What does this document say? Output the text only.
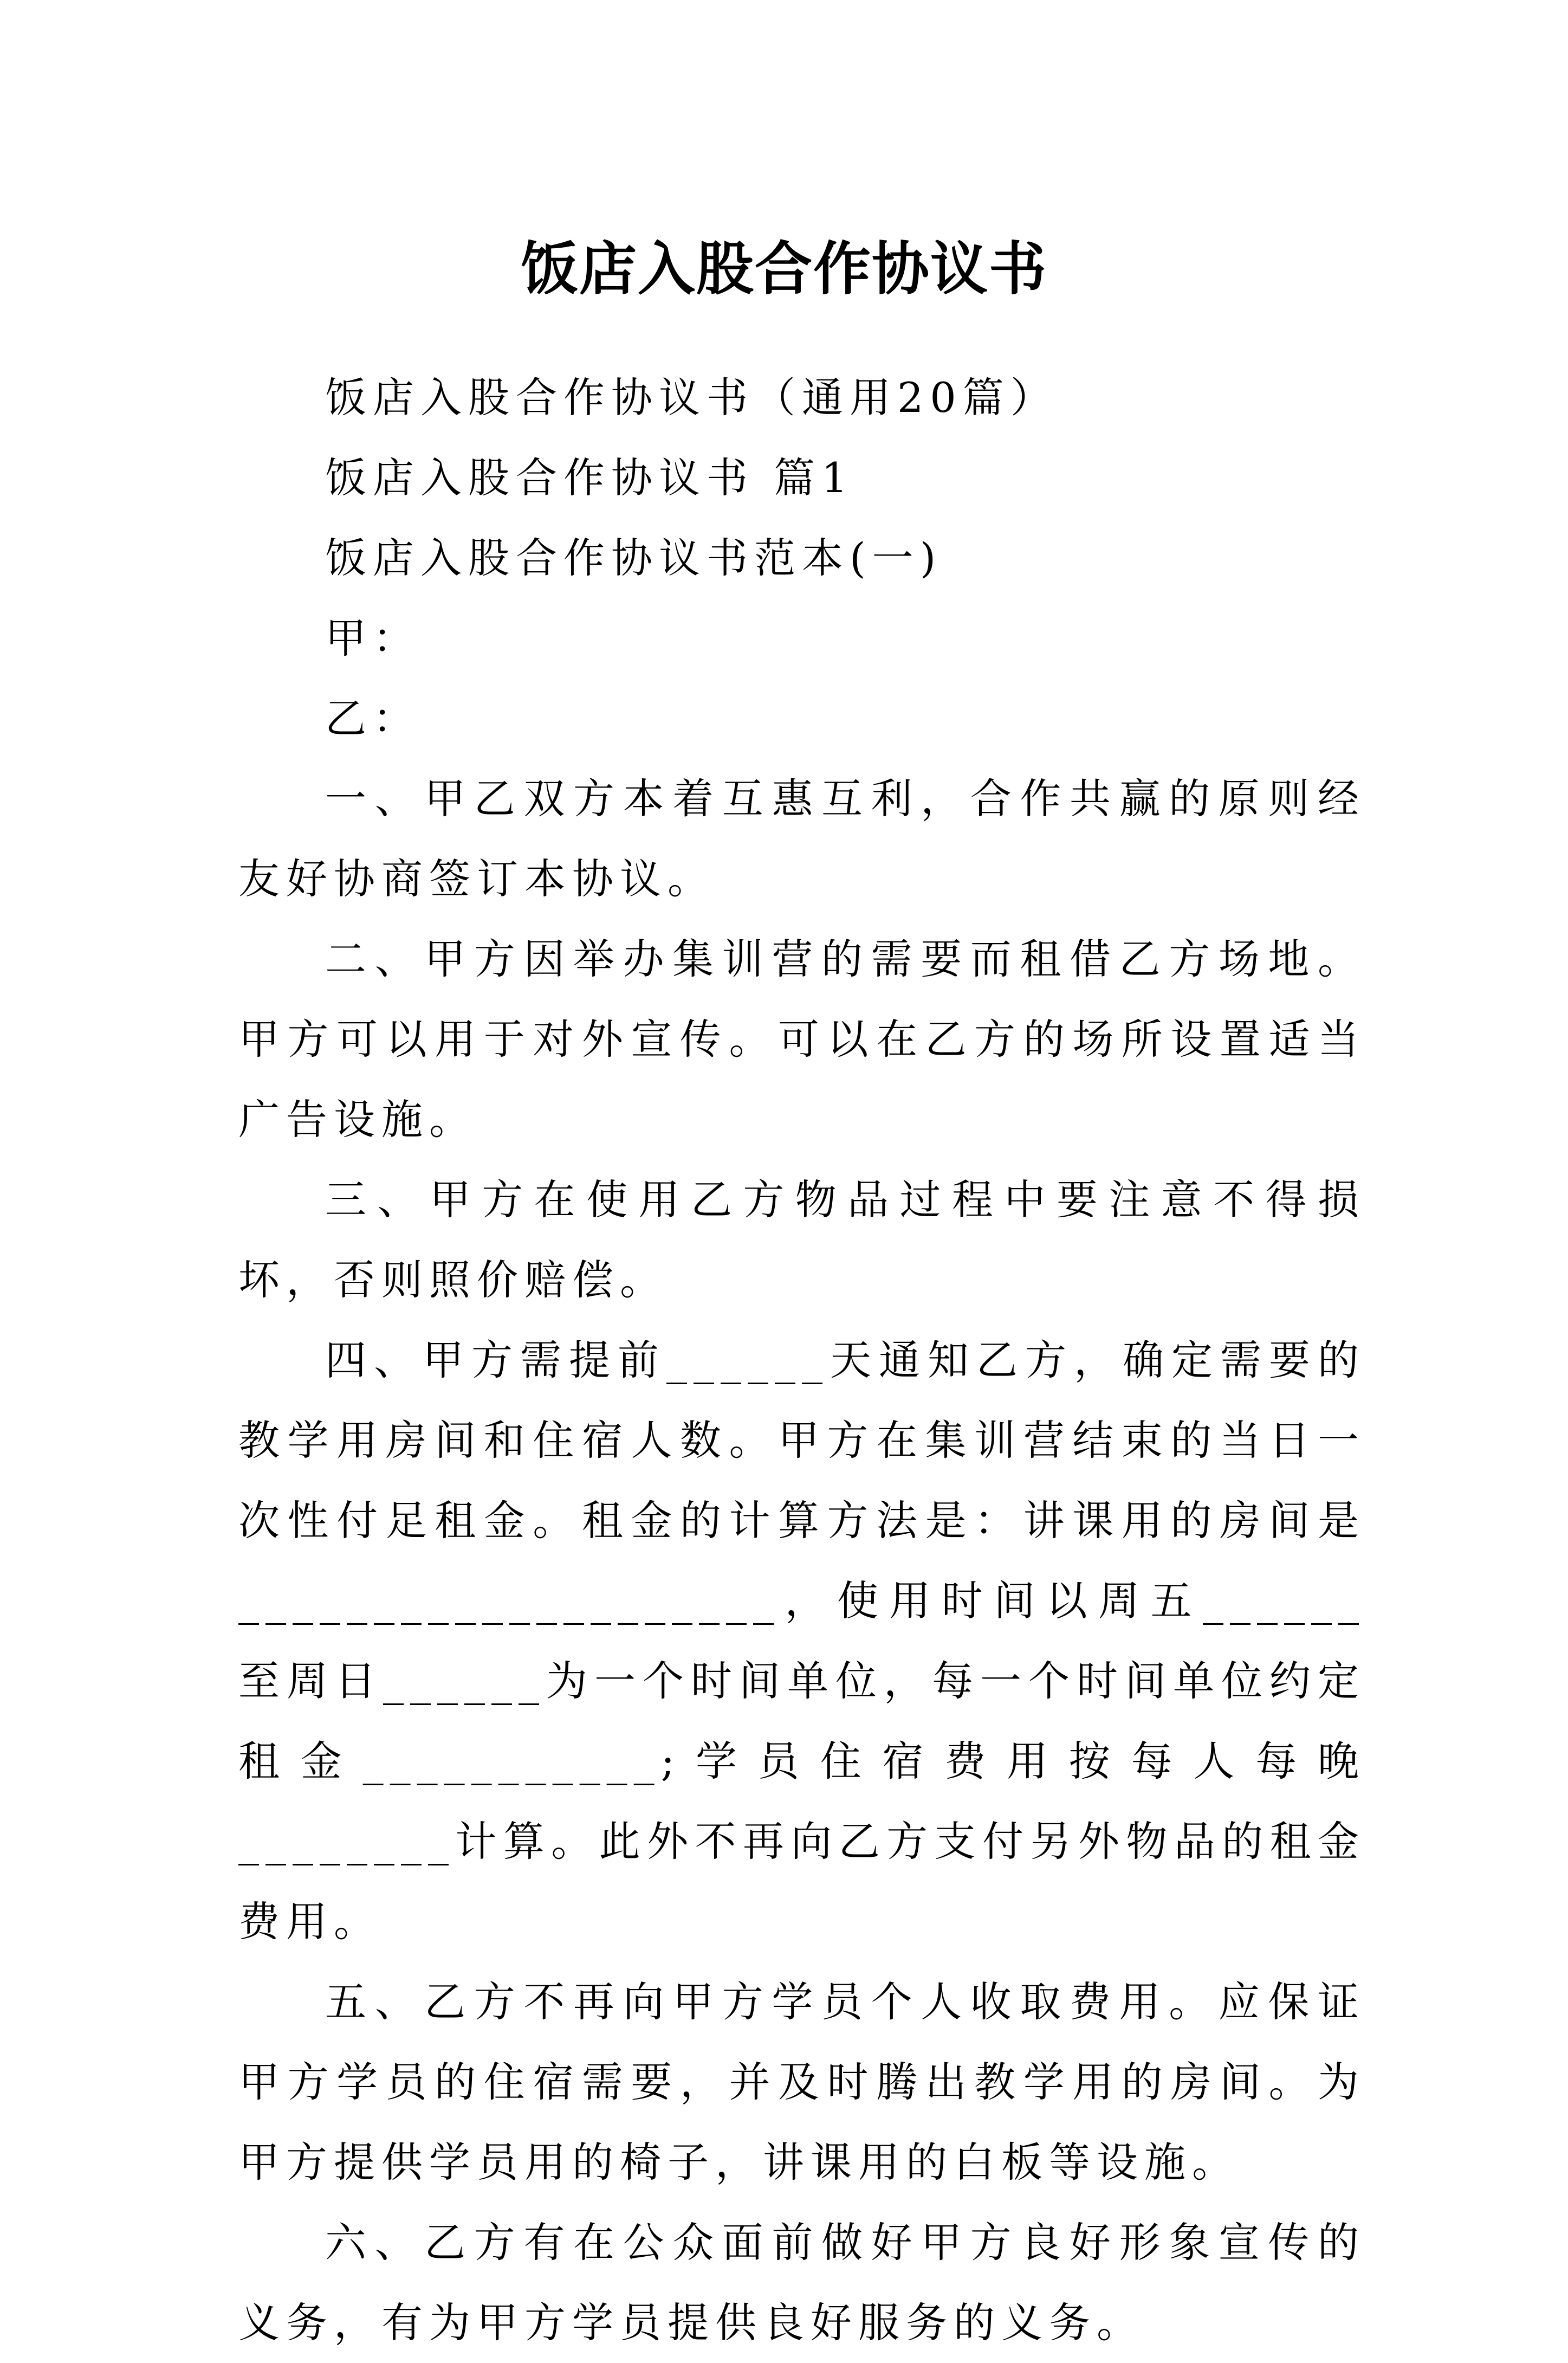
饭店入股合作协议书

饭店入股合作协议书（通用20篇）

饭店入股合作协议书 篇1

饭店入股合作协议书范本(一)

甲：

乙：

一、甲乙双方本着互惠互利，合作共赢的原则经友好协商签订本协议。

二、甲方因举办集训营的需要而租借乙方场地。甲方可以用于对外宣传。可以在乙方的场所设置适当广告设施。

三、甲方在使用乙方物品过程中要注意不得损坏，否则照价赔偿。

四、甲方需提前______天通知乙方，确定需要的教学用房间和住宿人数。甲方在集训营结束的当日一次性付足租金。租金的计算方法是：讲课用的房间是____________________，使用时间以周五______至周日______为一个时间单位，每一个时间单位约定租金___________;学员住宿费用按每人每晚________计算。此外不再向乙方支付另外物品的租金费用。

五、乙方不再向甲方学员个人收取费用。应保证甲方学员的住宿需要，并及时腾出教学用的房间。为甲方提供学员用的椅子，讲课用的白板等设施。

六、乙方有在公众面前做好甲方良好形象宣传的义务，有为甲方学员提供良好服务的义务。
